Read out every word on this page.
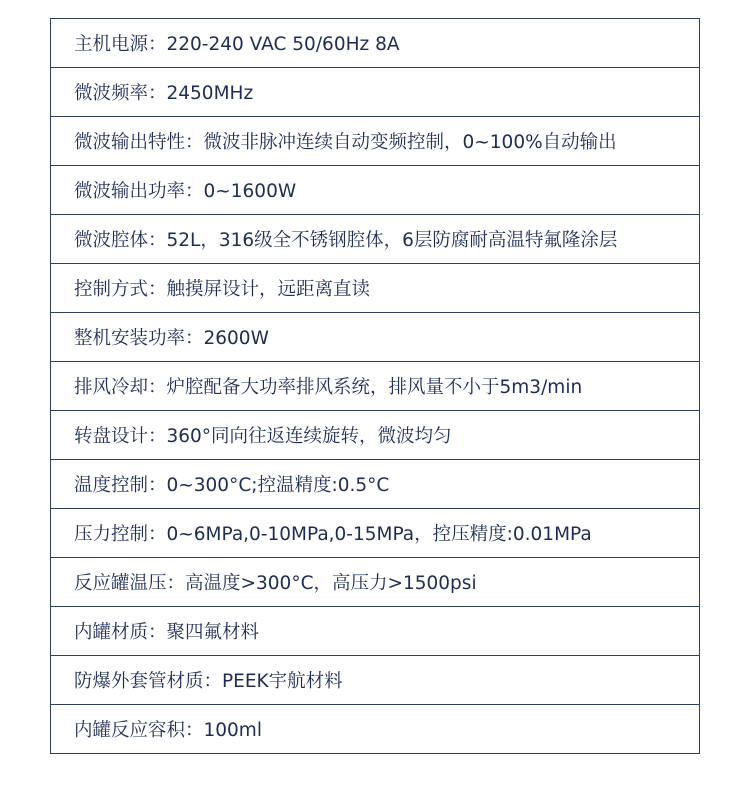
主机电源：220-240 VAC 50/60Hz 8A
微波频率：2450MHz
微波输出特性：微波非脉冲连续自动变频控制，0~100%自动输出
微波输出功率：0~1600W
微波腔体：52L，316级全不锈钢腔体，6层防腐耐高温特氟隆涂层
控制方式：触摸屏设计，远距离直读
整机安装功率：2600W
排风冷却：炉腔配备大功率排风系统，排风量不小于5m3/min
转盘设计：360°同向往返连续旋转，微波均匀
温度控制：0~300°C;控温精度:0.5°C
压力控制：0~6MPa,0-10MPa,0-15MPa，控压精度:0.01MPa
反应罐温压：高温度>300°C，高压力>1500psi
内罐材质：聚四氟材料
防爆外套管材质：PEEK宇航材料
内罐反应容积：100ml
